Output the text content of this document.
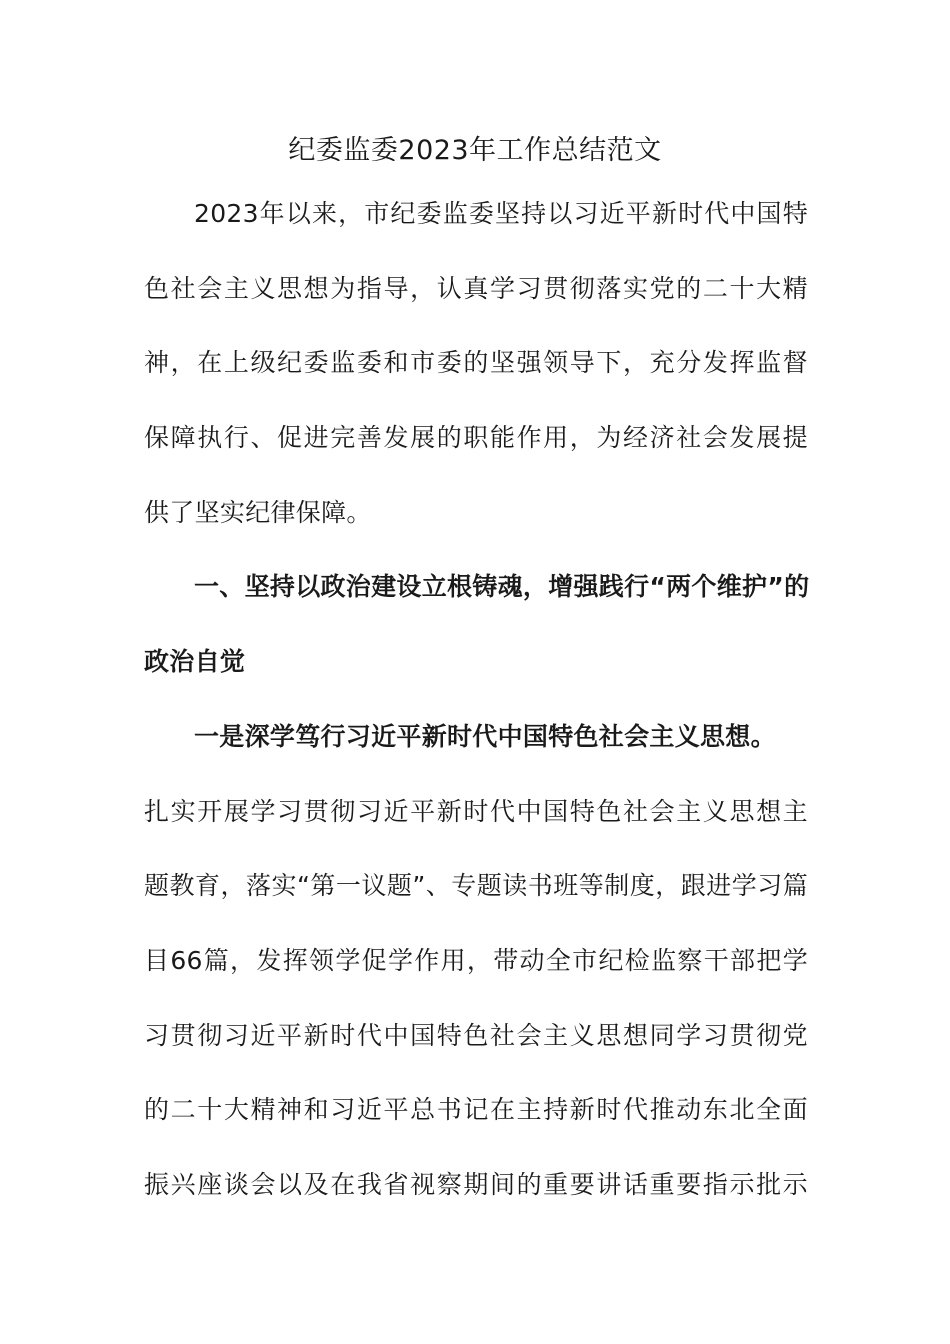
纪委监委2023年工作总结范文
2023年以来，市纪委监委坚持以习近平新时代中国特
色社会主义思想为指导，认真学习贯彻落实党的二十大精
神，在上级纪委监委和市委的坚强领导下，充分发挥监督
保障执行、促进完善发展的职能作用，为经济社会发展提
供了坚实纪律保障。
一、坚持以政治建设立根铸魂，增强践行“两个维护”的
政治自觉
一是深学笃行习近平新时代中国特色社会主义思想。
扎实开展学习贯彻习近平新时代中国特色社会主义思想主
题教育，落实“第一议题”、专题读书班等制度，跟进学习篇
目66篇，发挥领学促学作用，带动全市纪检监察干部把学
习贯彻习近平新时代中国特色社会主义思想同学习贯彻党
的二十大精神和习近平总书记在主持新时代推动东北全面
振兴座谈会以及在我省视察期间的重要讲话重要指示批示
